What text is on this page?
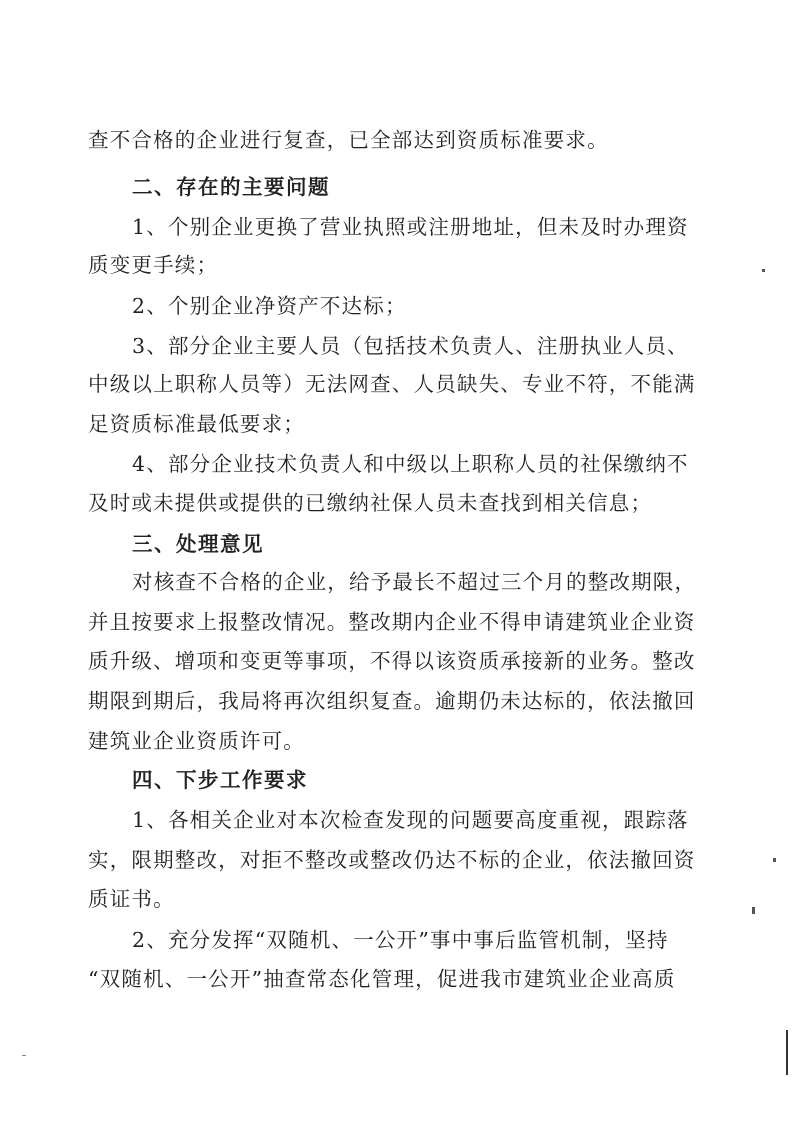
查不合格的企业进行复查，已全部达到资质标准要求。
二、存在的主要问题
1、个别企业更换了营业执照或注册地址，但未及时办理资
质变更手续；
2、个别企业净资产不达标；
3、部分企业主要人员（包括技术负责人、注册执业人员、
中级以上职称人员等）无法网查、人员缺失、专业不符，不能满
足资质标准最低要求；
4、部分企业技术负责人和中级以上职称人员的社保缴纳不
及时或未提供或提供的已缴纳社保人员未查找到相关信息；
三、处理意见
对核查不合格的企业，给予最长不超过三个月的整改期限，
并且按要求上报整改情况。整改期内企业不得申请建筑业企业资
质升级、增项和变更等事项，不得以该资质承接新的业务。整改
期限到期后，我局将再次组织复查。逾期仍未达标的，依法撤回
建筑业企业资质许可。
四、下步工作要求
1、各相关企业对本次检查发现的问题要高度重视，跟踪落
实，限期整改，对拒不整改或整改仍达不标的企业，依法撤回资
质证书。
2、充分发挥“双随机、一公开”事中事后监管机制，坚持
“双随机、一公开”抽查常态化管理，促进我市建筑业企业高质
